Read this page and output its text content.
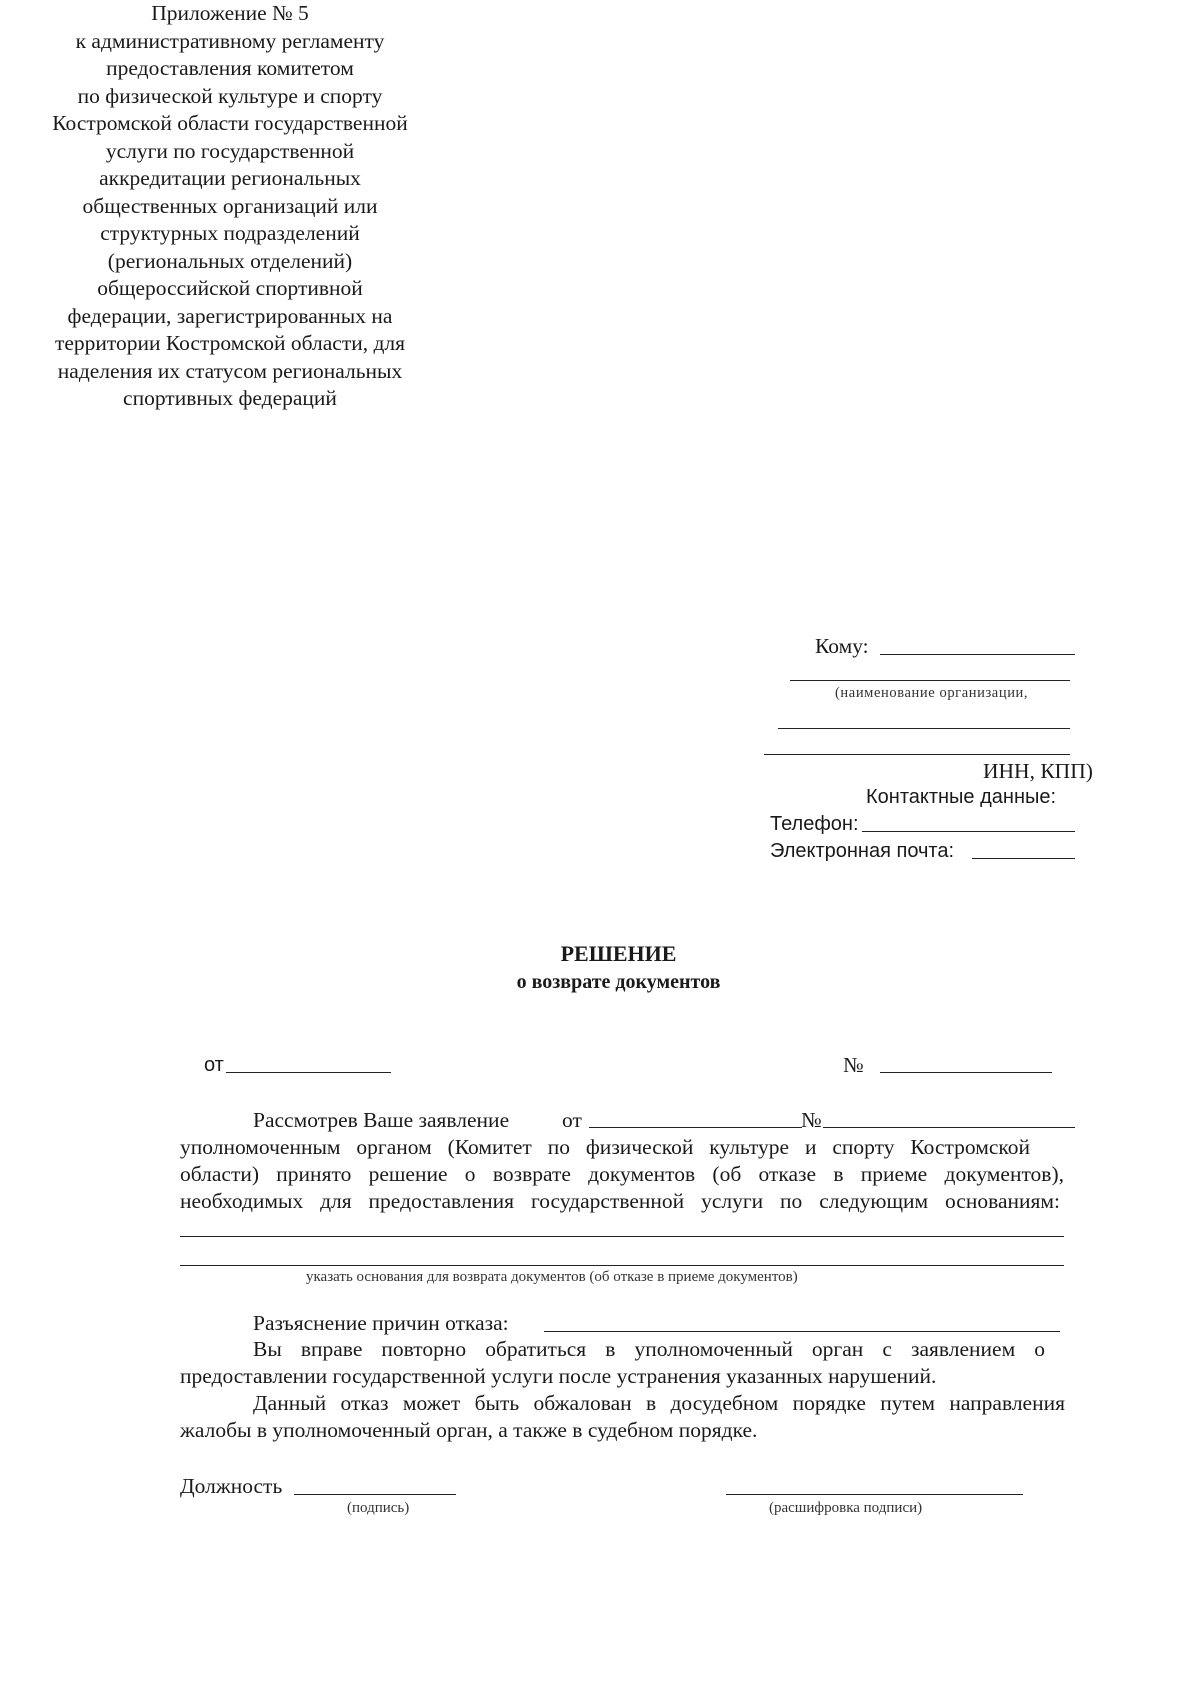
Приложение № 5
к административному регламенту
предоставления комитетом
по физической культуре и спорту
Костромской области государственной
услуги по государственной
аккредитации региональных
общественных организаций или
структурных подразделений
(региональных отделений)
общероссийской спортивной
федерации, зарегистрированных на
территории Костромской области, для
наделения их статусом региональных
спортивных федераций
Кому:
(наименование организации,
ИНН, КПП)
Контактные данные:
Телефон:
Электронная почта:
РЕШЕНИЕ
о возврате документов
от	№
Рассмотрев Ваше заявление от	№
уполномоченным органом (Комитет по физической культуре и спорту Костромской
области) принято решение о возврате документов (об отказе в приеме документов),
необходимых для предоставления государственной услуги по следующим основаниям:
указать основания для возврата документов (об отказе в приеме документов)
Разъяснение причин отказа:
Вы вправе повторно обратиться в уполномоченный орган с заявлением о
предоставлении государственной услуги после устранения указанных нарушений.
Данный отказ может быть обжалован в досудебном порядке путем направления
жалобы в уполномоченный орган, а также в судебном порядке.
Должность
(подпись)	(расшифровка подписи)
